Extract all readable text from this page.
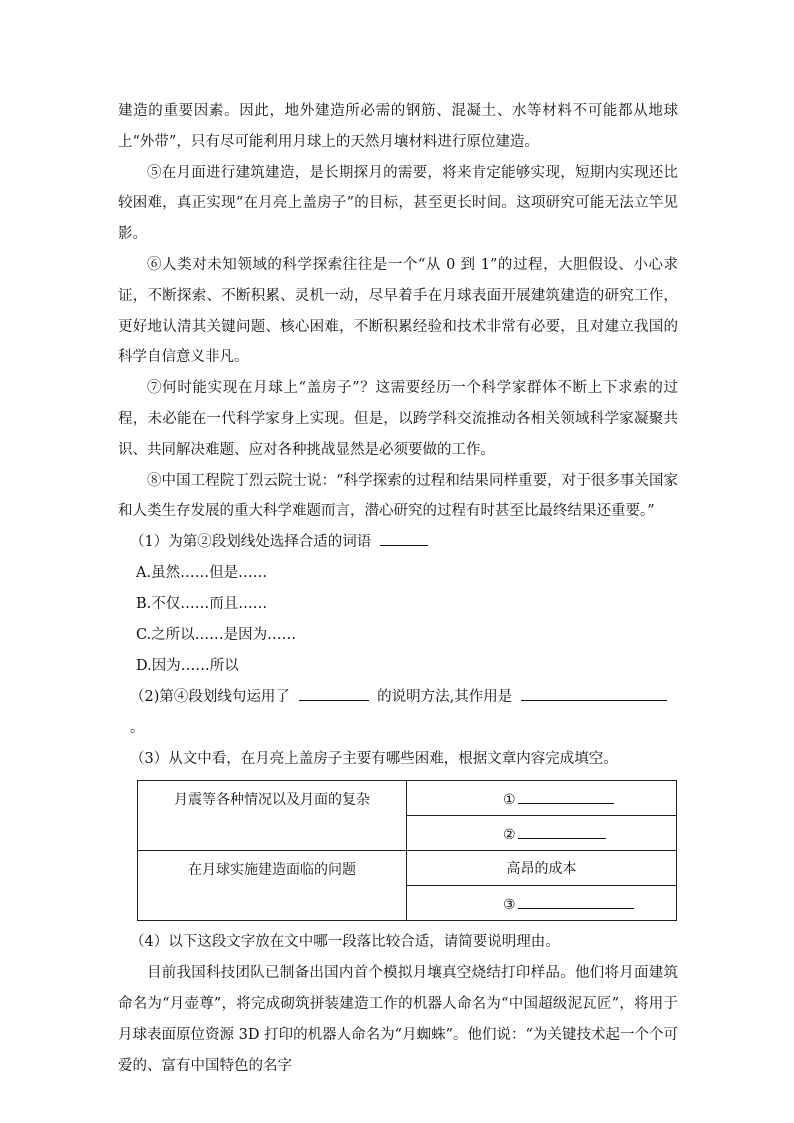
建造的重要因素。因此，地外建造所必需的钢筋、混凝土、水等材料不可能都从地球上“外带”，只有尽可能利用月球上的天然月壤材料进行原位建造。

⑤在月面进行建筑建造，是长期探月的需要，将来肯定能够实现，短期内实现还比较困难，真正实现“在月亮上盖房子”的目标，甚至更长时间。这项研究可能无法立竿见影。

⑥人类对未知领域的科学探索往往是一个“从 0 到 1”的过程，大胆假设、小心求证，不断探索、不断积累、灵机一动，尽早着手在月球表面开展建筑建造的研究工作，更好地认清其关键问题、核心困难，不断积累经验和技术非常有必要，且对建立我国的科学自信意义非凡。

⑦何时能实现在月球上“盖房子”？这需要经历一个科学家群体不断上下求索的过程，未必能在一代科学家身上实现。但是，以跨学科交流推动各相关领域科学家凝聚共识、共同解决难题、应对各种挑战显然是必须要做的工作。

⑧中国工程院丁烈云院士说：“科学探索的过程和结果同样重要，对于很多事关国家和人类生存发展的重大科学难题而言，潜心研究的过程有时甚至比最终结果还重要。”

（1）为第②段划线处选择合适的词语

A.虽然……但是……

B.不仅……而且……

C.之所以……是因为……

D.因为……所以

（2)第④段划线句运用了	的说明方法,其作用是 。

（3）从文中看，在月亮上盖房子主要有哪些困难，根据文章内容完成填空。

月震等各种情况以及月面的复杂	①
	②
在月球实施建造面临的问题	高昂的成本
	③

（4）以下这段文字放在文中哪一段落比较合适，请简要说明理由。

目前我国科技团队已制备出国内首个模拟月壤真空烧结打印样品。他们将月面建筑命名为“月壶尊”，将完成砌筑拼装建造工作的机器人命名为“中国超级泥瓦匠”，将用于月球表面原位资源 3D 打印的机器人命名为“月蜘蛛”。他们说：“为关键技术起一个个可爱的、富有中国特色的名字
